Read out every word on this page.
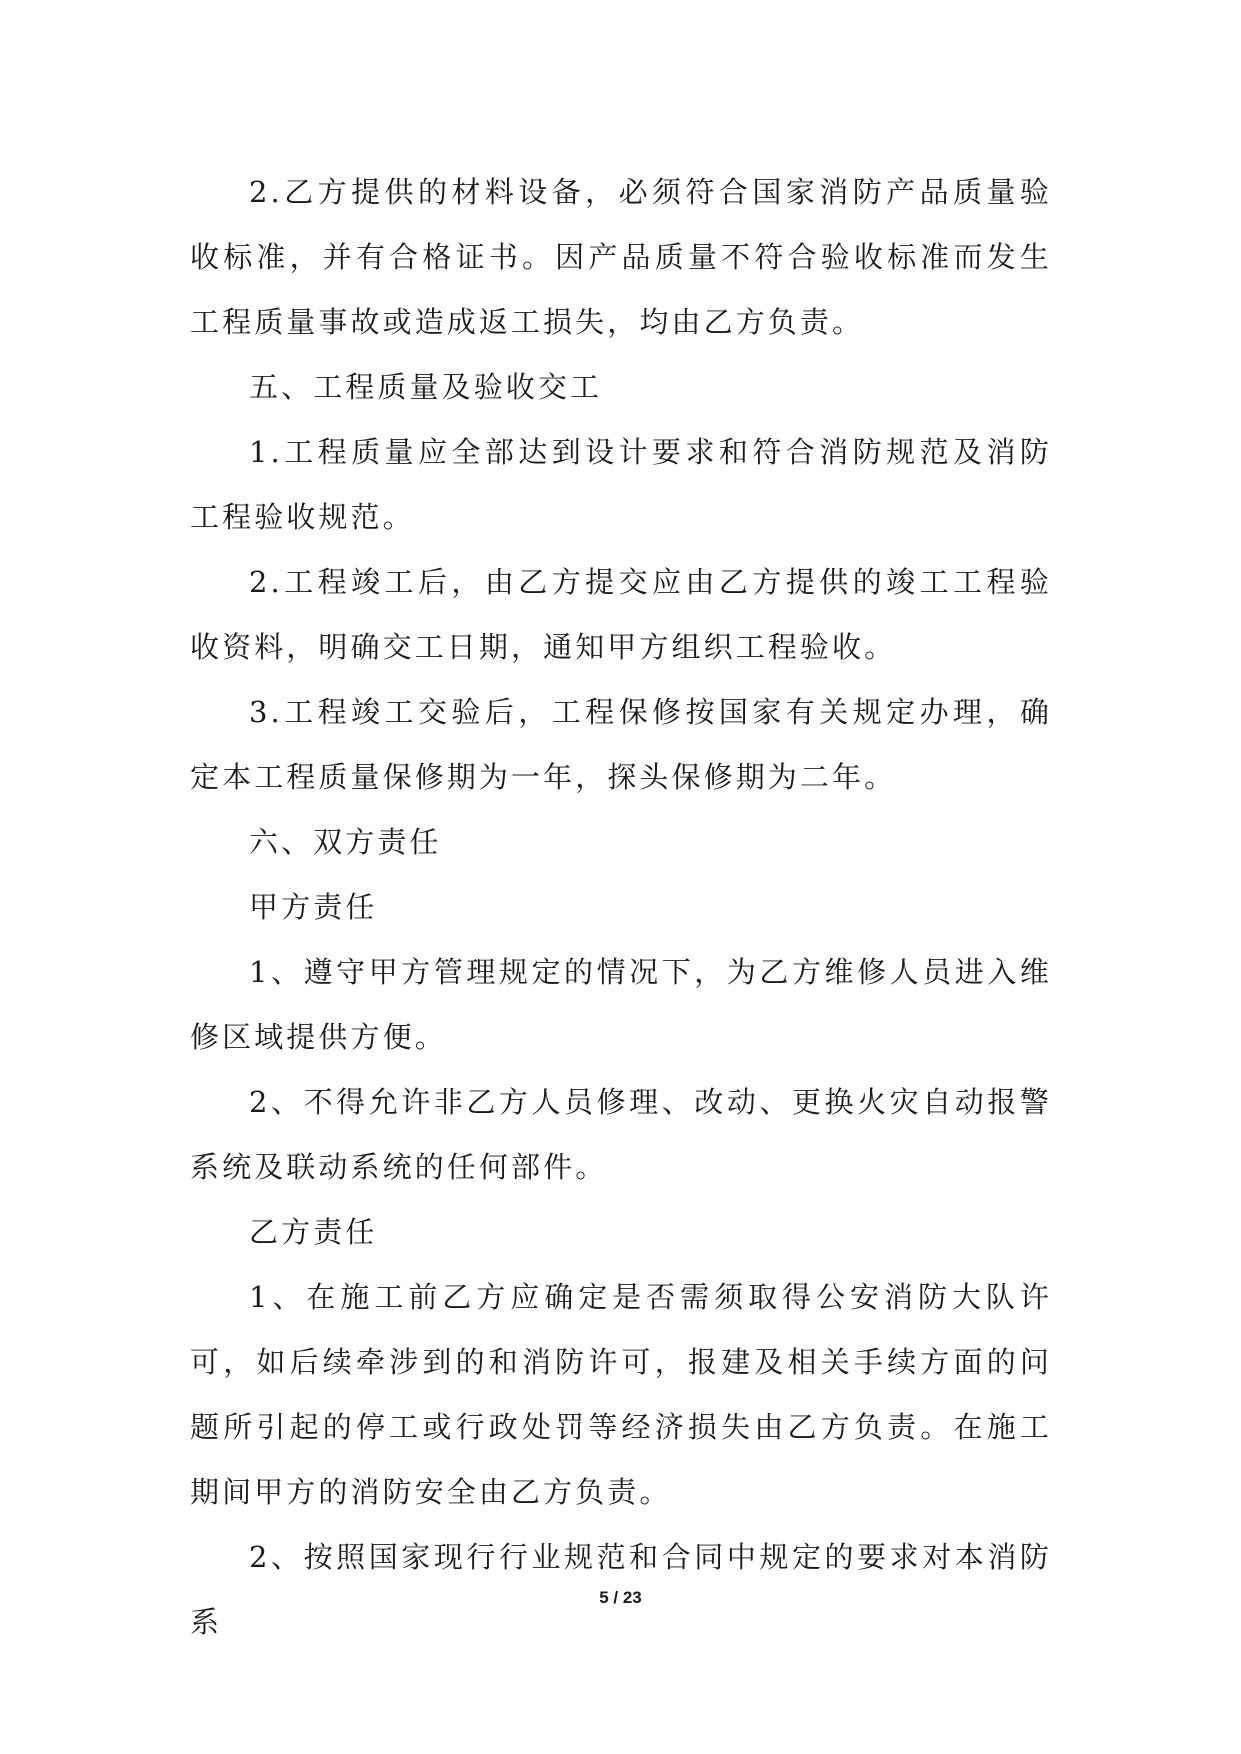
2.乙方提供的材料设备，必须符合国家消防产品质量验收标准，并有合格证书。因产品质量不符合验收标准而发生工程质量事故或造成返工损失，均由乙方负责。

五、工程质量及验收交工

1.工程质量应全部达到设计要求和符合消防规范及消防工程验收规范。

2.工程竣工后，由乙方提交应由乙方提供的竣工工程验收资料，明确交工日期，通知甲方组织工程验收。

3.工程竣工交验后，工程保修按国家有关规定办理，确定本工程质量保修期为一年，探头保修期为二年。

六、双方责任

甲方责任

1、遵守甲方管理规定的情况下，为乙方维修人员进入维修区域提供方便。

2、不得允许非乙方人员修理、改动、更换火灾自动报警系统及联动系统的任何部件。

乙方责任

1、在施工前乙方应确定是否需须取得公安消防大队许可，如后续牵涉到的和消防许可，报建及相关手续方面的问题所引起的停工或行政处罚等经济损失由乙方负责。在施工期间甲方的消防安全由乙方负责。

2、按照国家现行行业规范和合同中规定的要求对本消防系

5 / 23
